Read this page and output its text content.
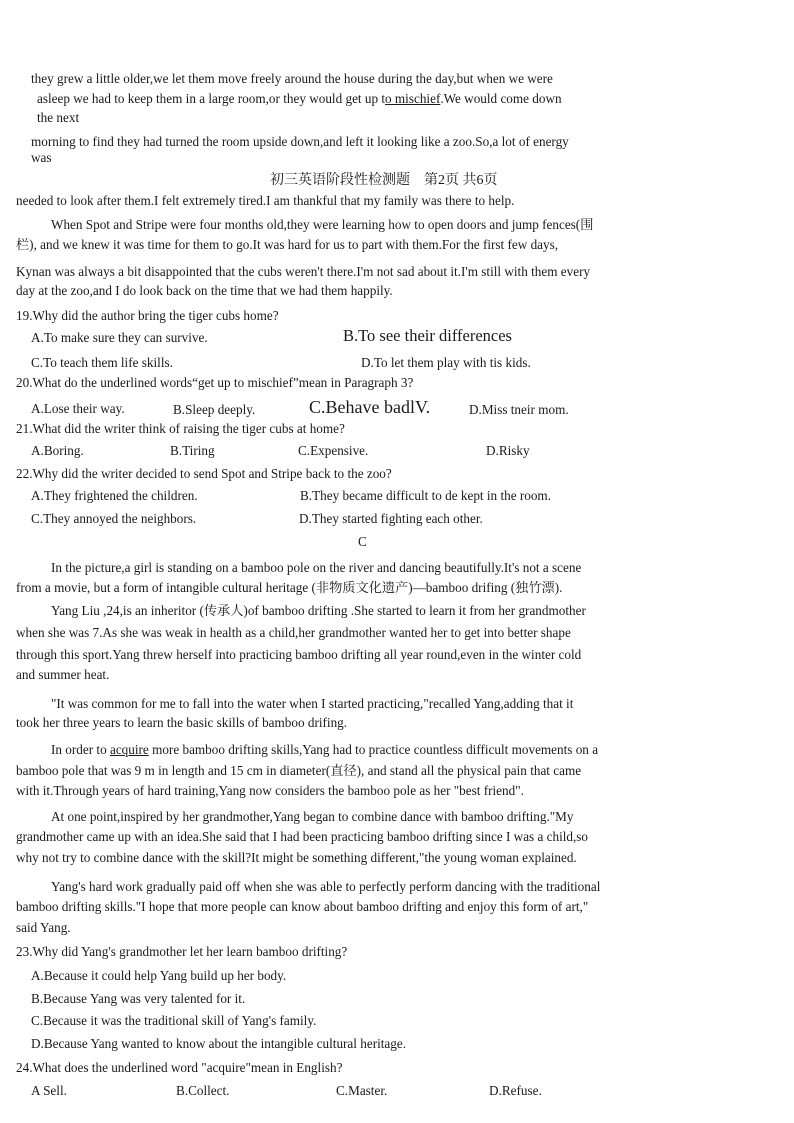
they grew a little older,we let them move freely around the house during the day,but when we were
asleep we had to keep them in a large room,or they would get up to mischief.We would come down
the next
morning to find they had turned the room upside down,and left it looking like a zoo.So,a lot of energy
was
初三英语阶段性检测题　第2页 共6页
needed to look after them.I felt extremely tired.I am thankful that my family was there to help.
When Spot and Stripe were four months old,they were learning how to open doors and jump fences(围
栏), and we knew it was time for them to go.It was hard for us to part with them.For the first few days,
Kynan was always a bit disappointed that the cubs weren't there.I'm not sad about it.I'm still with them every
day at the zoo,and I do look back on the time that we had them happily.
19.Why did the author bring the tiger cubs home?
A.To make sure they can survive.	B.To see their differences
C.To teach them life skills.	D.To let them play with tis kids.
20.What do the underlined words“get up to mischief”mean in Paragraph 3?
A.Lose their way.	B.Sleep deeply.	C.Behave badlV.	D.Miss tneir mom.
21.What did the writer think of raising the tiger cubs at home?
A.Boring.	B.Tiring	C.Expensive.	D.Risky
22.Why did the writer decided to send Spot and Stripe back to the zoo?
A.They frightened the children.	B.They became difficult to de kept in the room.
C.They annoyed the neighbors.	D.They started fighting each other.
C
In the picture,a girl is standing on a bamboo pole on the river and dancing beautifully.It's not a scene
from a movie, but a form of intangible cultural heritage (非物质文化遗产)—bamboo drifing (独竹漂).
Yang Liu ,24,is an inheritor (传承人)of bamboo drifting .She started to learn it from her grandmother
when she was 7.As she was weak in health as a child,her grandmother wanted her to get into better shape
through this sport.Yang threw herself into practicing bamboo drifting all year round,even in the winter cold
and summer heat.
"It was common for me to fall into the water when I started practicing,"recalled Yang,adding that it
took her three years to learn the basic skills of bamboo drifing.
In order to acquire more bamboo drifting skills,Yang had to practice countless difficult movements on a
bamboo pole that was 9 m in length and 15 cm in diameter(直径), and stand all the physical pain that came
with it.Through years of hard training,Yang now considers the bamboo pole as her "best friend".
At one point,inspired by her grandmother,Yang began to combine dance with bamboo drifting."My
grandmother came up with an idea.She said that I had been practicing bamboo drifting since I was a child,so
why not try to combine dance with the skill?It might be something different,"the young woman explained.
Yang's hard work gradually paid off when she was able to perfectly perform dancing with the traditional
bamboo drifting skills."I hope that more people can know about bamboo drifting and enjoy this form of art,"
said Yang.
23.Why did Yang's grandmother let her learn bamboo drifting?
A.Because it could help Yang build up her body.
B.Because Yang was very talented for it.
C.Because it was the traditional skill of Yang's family.
D.Because Yang wanted to know about the intangible cultural heritage.
24.What does the underlined word "acquire"mean in English?
A Sell.	B.Collect.	C.Master.	D.Refuse.
